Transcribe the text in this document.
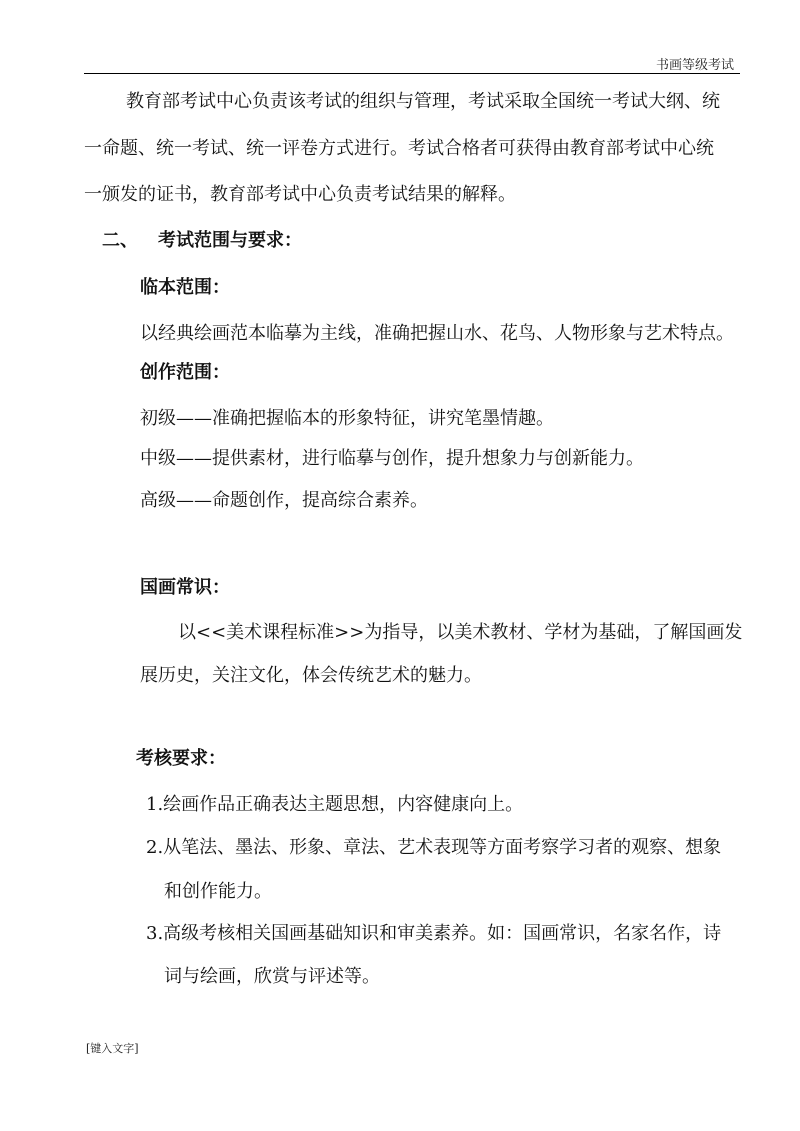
书画等级考试
教育部考试中心负责该考试的组织与管理，考试采取全国统一考试大纲、统
一命题、统一考试、统一评卷方式进行。考试合格者可获得由教育部考试中心统
一颁发的证书，教育部考试中心负责考试结果的解释。
二、 考试范围与要求：
临本范围：
以经典绘画范本临摹为主线，准确把握山水、花鸟、人物形象与艺术特点。
创作范围：
初级——准确把握临本的形象特征，讲究笔墨情趣。
中级——提供素材，进行临摹与创作，提升想象力与创新能力。
高级——命题创作，提高综合素养。
国画常识：
以<<美术课程标准>>为指导，以美术教材、学材为基础，了解国画发
展历史，关注文化，体会传统艺术的魅力。
考核要求：
1.绘画作品正确表达主题思想，内容健康向上。
2.从笔法、墨法、形象、章法、艺术表现等方面考察学习者的观察、想象
和创作能力。
3.高级考核相关国画基础知识和审美素养。如：国画常识，名家名作，诗
词与绘画，欣赏与评述等。
[键入文字]
